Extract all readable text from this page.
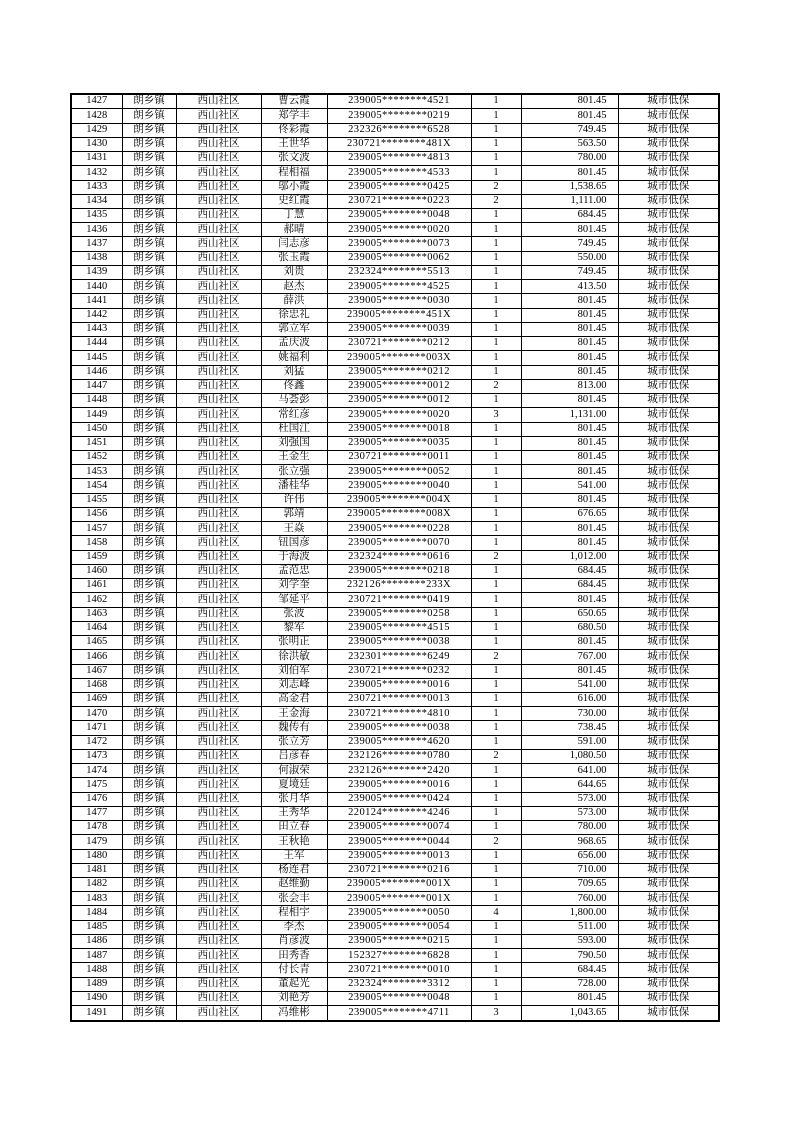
1427	朗乡镇	西山社区	曹云霞	239005********4521	1	801.45	城市低保
1428	朗乡镇	西山社区	郑学丰	239005********0219	1	801.45	城市低保
1429	朗乡镇	西山社区	佟彩霞	232326********6528	1	749.45	城市低保
1430	朗乡镇	西山社区	王世华	230721********481X	1	563.50	城市低保
1431	朗乡镇	西山社区	张文波	239005********4813	1	780.00	城市低保
1432	朗乡镇	西山社区	程相福	239005********4533	1	801.45	城市低保
1433	朗乡镇	西山社区	邬小霞	239005********0425	2	1,538.65	城市低保
1434	朗乡镇	西山社区	史红霞	230721********0223	2	1,111.00	城市低保
1435	朗乡镇	西山社区	丁慧	239005********0048	1	684.45	城市低保
1436	朗乡镇	西山社区	郝晴	239005********0020	1	801.45	城市低保
1437	朗乡镇	西山社区	闫志彦	239005********0073	1	749.45	城市低保
1438	朗乡镇	西山社区	张玉霞	239005********0062	1	550.00	城市低保
1439	朗乡镇	西山社区	刘贵	232324********5513	1	749.45	城市低保
1440	朗乡镇	西山社区	赵杰	239005********4525	1	413.50	城市低保
1441	朗乡镇	西山社区	薛洪	239005********0030	1	801.45	城市低保
1442	朗乡镇	西山社区	徐忠礼	239005********451X	1	801.45	城市低保
1443	朗乡镇	西山社区	郭立军	239005********0039	1	801.45	城市低保
1444	朗乡镇	西山社区	孟庆波	230721********0212	1	801.45	城市低保
1445	朗乡镇	西山社区	姚福利	239005********003X	1	801.45	城市低保
1446	朗乡镇	西山社区	刘猛	239005********0212	1	801.45	城市低保
1447	朗乡镇	西山社区	佟鑫	239005********0012	2	813.00	城市低保
1448	朗乡镇	西山社区	马荟彭	239005********0012	1	801.45	城市低保
1449	朗乡镇	西山社区	常红彦	239005********0020	3	1,131.00	城市低保
1450	朗乡镇	西山社区	杜国江	239005********0018	1	801.45	城市低保
1451	朗乡镇	西山社区	刘强国	239005********0035	1	801.45	城市低保
1452	朗乡镇	西山社区	王金生	230721********0011	1	801.45	城市低保
1453	朗乡镇	西山社区	张立强	239005********0052	1	801.45	城市低保
1454	朗乡镇	西山社区	潘桂华	239005********0040	1	541.00	城市低保
1455	朗乡镇	西山社区	许伟	239005********004X	1	801.45	城市低保
1456	朗乡镇	西山社区	郭靖	239005********008X	1	676.65	城市低保
1457	朗乡镇	西山社区	王焱	239005********0228	1	801.45	城市低保
1458	朗乡镇	西山社区	钮国彦	239005********0070	1	801.45	城市低保
1459	朗乡镇	西山社区	于海波	232324********0616	2	1,012.00	城市低保
1460	朗乡镇	西山社区	孟范忠	239005********0218	1	684.45	城市低保
1461	朗乡镇	西山社区	刘学奎	232126********233X	1	684.45	城市低保
1462	朗乡镇	西山社区	邹延平	230721********0419	1	801.45	城市低保
1463	朗乡镇	西山社区	张波	239005********0258	1	650.65	城市低保
1464	朗乡镇	西山社区	黎军	239005********4515	1	680.50	城市低保
1465	朗乡镇	西山社区	张明正	239005********0038	1	801.45	城市低保
1466	朗乡镇	西山社区	徐洪敏	232301********6249	2	767.00	城市低保
1467	朗乡镇	西山社区	刘伯军	230721********0232	1	801.45	城市低保
1468	朗乡镇	西山社区	刘志峰	239005********0016	1	541.00	城市低保
1469	朗乡镇	西山社区	高金君	230721********0013	1	616.00	城市低保
1470	朗乡镇	西山社区	王金海	230721********4810	1	730.00	城市低保
1471	朗乡镇	西山社区	魏传有	239005********0038	1	738.45	城市低保
1472	朗乡镇	西山社区	张立芳	239005********4620	1	591.00	城市低保
1473	朗乡镇	西山社区	吕彦春	232126********0780	2	1,080.50	城市低保
1474	朗乡镇	西山社区	何淑荣	232126********2420	1	641.00	城市低保
1475	朗乡镇	西山社区	夏境廷	239005********0016	1	644.65	城市低保
1476	朗乡镇	西山社区	张月华	239005********0424	1	573.00	城市低保
1477	朗乡镇	西山社区	王秀华	220124********4246	1	573.00	城市低保
1478	朗乡镇	西山社区	田立春	239005********0074	1	780.00	城市低保
1479	朗乡镇	西山社区	王秋艳	239005********0044	2	968.65	城市低保
1480	朗乡镇	西山社区	王军	239005********0013	1	656.00	城市低保
1481	朗乡镇	西山社区	杨连君	230721********0216	1	710.00	城市低保
1482	朗乡镇	西山社区	赵维勤	239005********001X	1	709.65	城市低保
1483	朗乡镇	西山社区	张会丰	239005********001X	1	760.00	城市低保
1484	朗乡镇	西山社区	程相宇	239005********0050	4	1,800.00	城市低保
1485	朗乡镇	西山社区	李杰	239005********0054	1	511.00	城市低保
1486	朗乡镇	西山社区	肖彦波	239005********0215	1	593.00	城市低保
1487	朗乡镇	西山社区	田秀香	152327********6828	1	790.50	城市低保
1488	朗乡镇	西山社区	付长青	230721********0010	1	684.45	城市低保
1489	朗乡镇	西山社区	董起光	232324********3312	1	728.00	城市低保
1490	朗乡镇	西山社区	刘艳芳	239005********0048	1	801.45	城市低保
1491	朗乡镇	西山社区	冯维彬	239005********4711	3	1,043.65	城市低保
